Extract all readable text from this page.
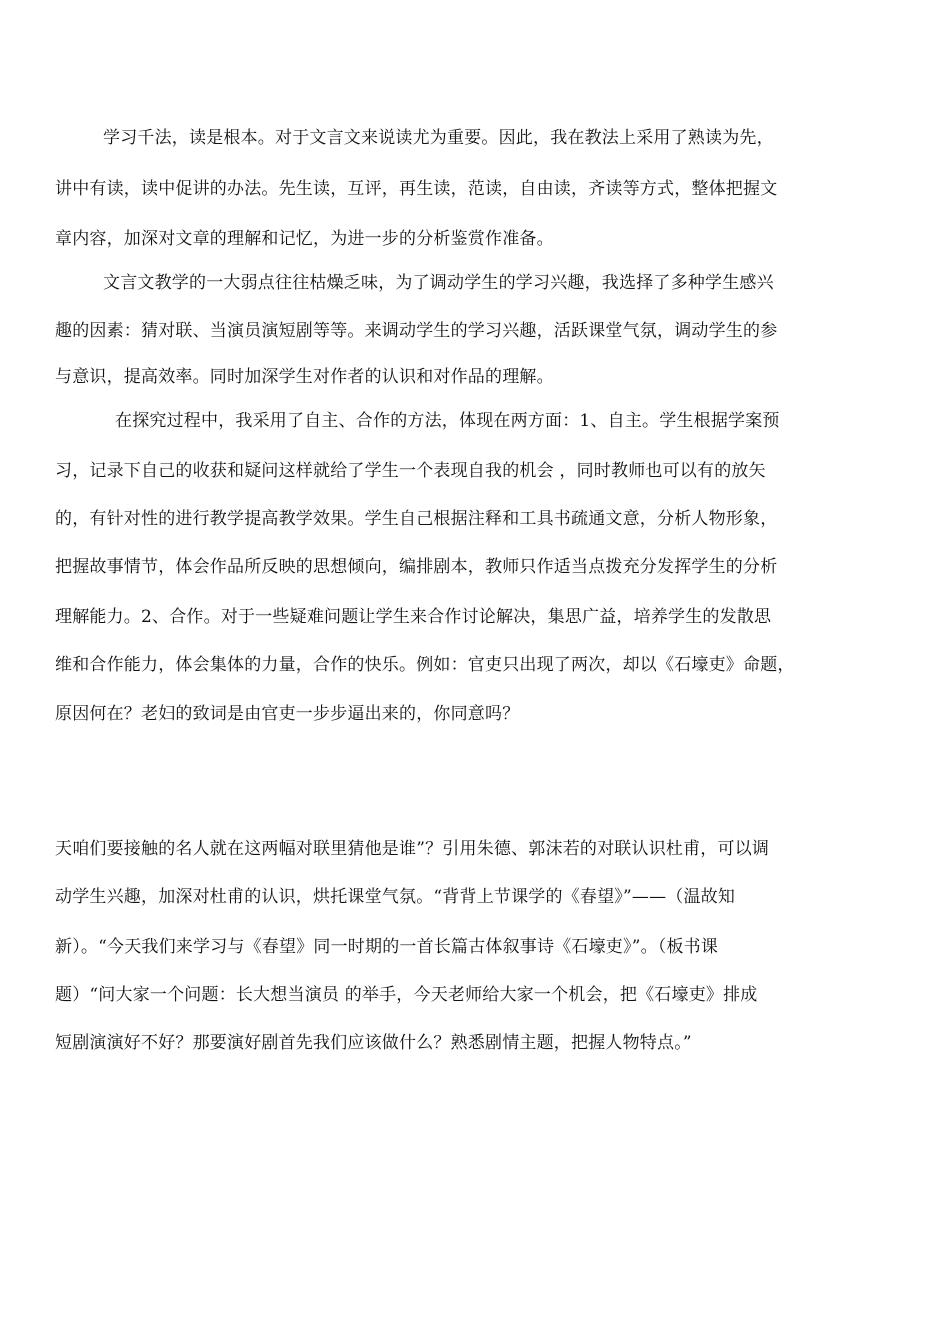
学习千法，读是根本。对于文言文来说读尤为重要。因此，我在教法上采用了熟读为先，
讲中有读，读中促讲的办法。先生读，互评，再生读，范读，自由读，齐读等方式，整体把握文
章内容，加深对文章的理解和记忆，为进一步的分析鉴赏作准备。
文言文教学的一大弱点往往枯燥乏味，为了调动学生的学习兴趣，我选择了多种学生感兴
趣的因素：猜对联、当演员演短剧等等。来调动学生的学习兴趣，活跃课堂气氛，调动学生的参
与意识，提高效率。同时加深学生对作者的认识和对作品的理解。
在探究过程中，我采用了自主、合作的方法，体现在两方面：1、自主。学生根据学案预
习，记录下自己的收获和疑问这样就给了学生一个表现自我的机会 ，同时教师也可以有的放矢
的，有针对性的进行教学提高教学效果。学生自己根据注释和工具书疏通文意，分析人物形象，
把握故事情节，体会作品所反映的思想倾向，编排剧本，教师只作适当点拨充分发挥学生的分析
理解能力。2、合作。对于一些疑难问题让学生来合作讨论解决，集思广益，培养学生的发散思
维和合作能力，体会集体的力量，合作的快乐。例如：官吏只出现了两次，却以《石壕吏》命题，
原因何在？老妇的致词是由官吏一步步逼出来的，你同意吗？
天咱们要接触的名人就在这两幅对联里猜他是谁”？引用朱德、郭沫若的对联认识杜甫，可以调
动学生兴趣，加深对杜甫的认识，烘托课堂气氛。“背背上节课学的《春望》”——（温故知
新）。“今天我们来学习与《春望》同一时期的一首长篇古体叙事诗《石壕吏》”。（板书课
题）“问大家一个问题：长大想当演员 的举手，今天老师给大家一个机会，把《石壕吏》排成
短剧演演好不好？那要演好剧首先我们应该做什么？熟悉剧情主题，把握人物特点。”
